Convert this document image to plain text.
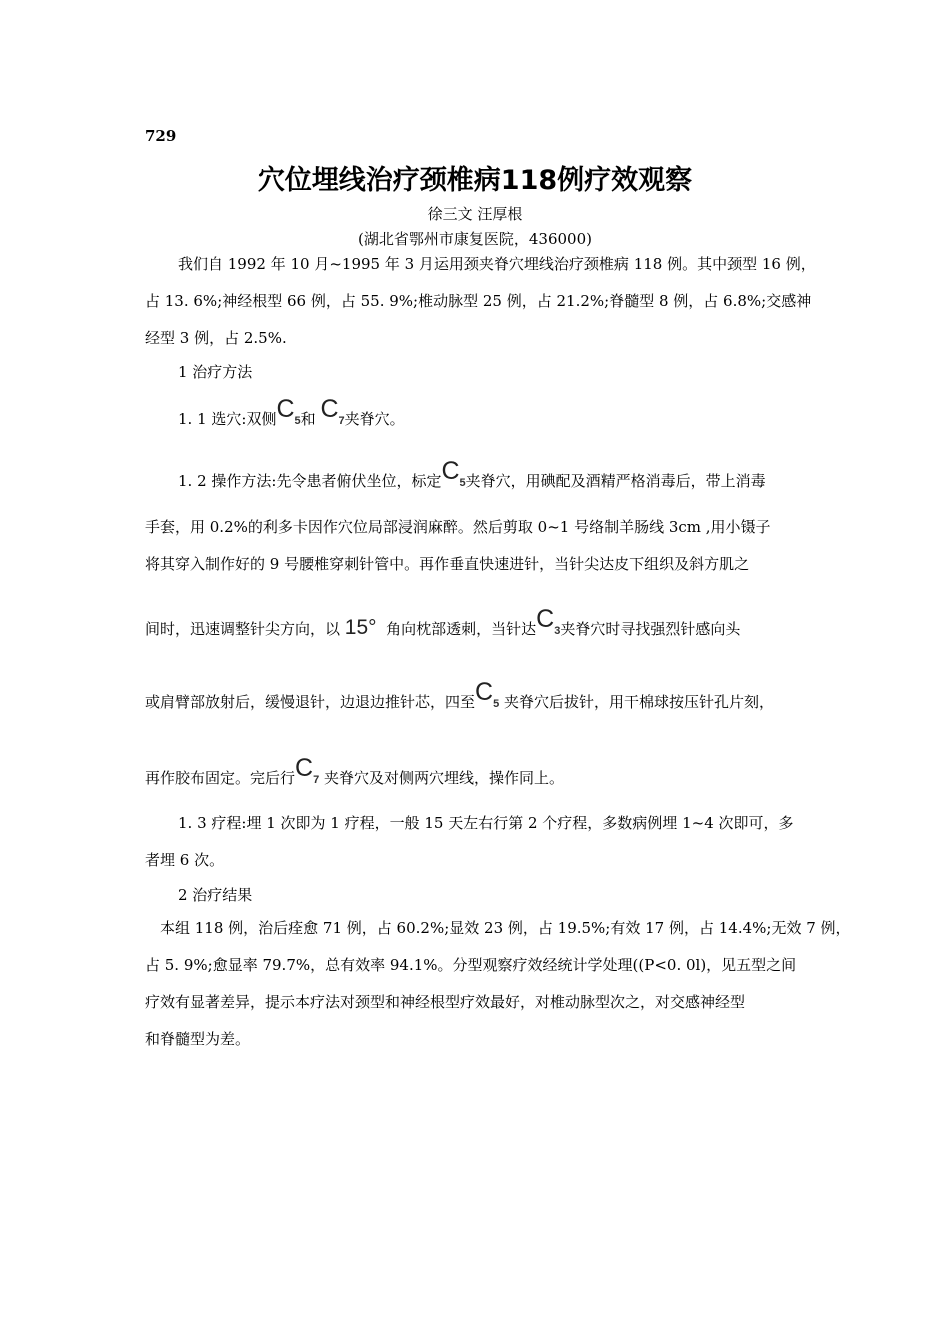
729
穴位埋线治疗颈椎病118例疗效观察
徐三文 汪厚根
(湖北省鄂州市康复医院，436000)
我们自 1992 年 10 月~1995 年 3 月运用颈夹脊穴埋线治疗颈椎病 118 例。其中颈型 16 例，
占 13. 6%;神经根型 66 例，占 55. 9%;椎动脉型 25 例，占 21.2%;脊髓型 8 例，占 6.8%;交感神
经型 3 例，占 2.5%.
1 治疗方法
1. 1 选穴:双侧C5和 C7夹脊穴。
1. 2 操作方法:先令患者俯伏坐位，标定C5夹脊穴，用碘配及酒精严格消毒后，带上消毒
手套，用 0.2%的利多卡因作穴位局部浸润麻醉。然后剪取 0~1 号络制羊肠线 3cm ,用小镊子
将其穿入制作好的 9 号腰椎穿刺针管中。再作垂直快速进针，当针尖达皮下组织及斜方肌之
间时，迅速调整针尖方向，以 15° 角向枕部透刺，当针达C3夹脊穴时寻找强烈针感向头
或肩臂部放射后，缓慢退针，边退边推针芯，四至C5 夹脊穴后拔针，用干棉球按压针孔片刻，
再作胶布固定。完后行C7 夹脊穴及对侧两穴埋线，操作同上。
1. 3 疗程:埋 1 次即为 1 疗程，一般 15 天左右行第 2 个疗程，多数病例埋 1~4 次即可，多
者埋 6 次。
2 治疗结果
本组 118 例，治后痊愈 71 例，占 60.2%;显效 23 例，占 19.5%;有效 17 例，占 14.4%;无效 7 例，
占 5. 9%;愈显率 79.7%，总有效率 94.1%。分型观察疗效经统计学处理((P<0. 0l)，见五型之间
疗效有显著差异，提示本疗法对颈型和神经根型疗效最好，对椎动脉型次之，对交感神经型
和脊髓型为差。
